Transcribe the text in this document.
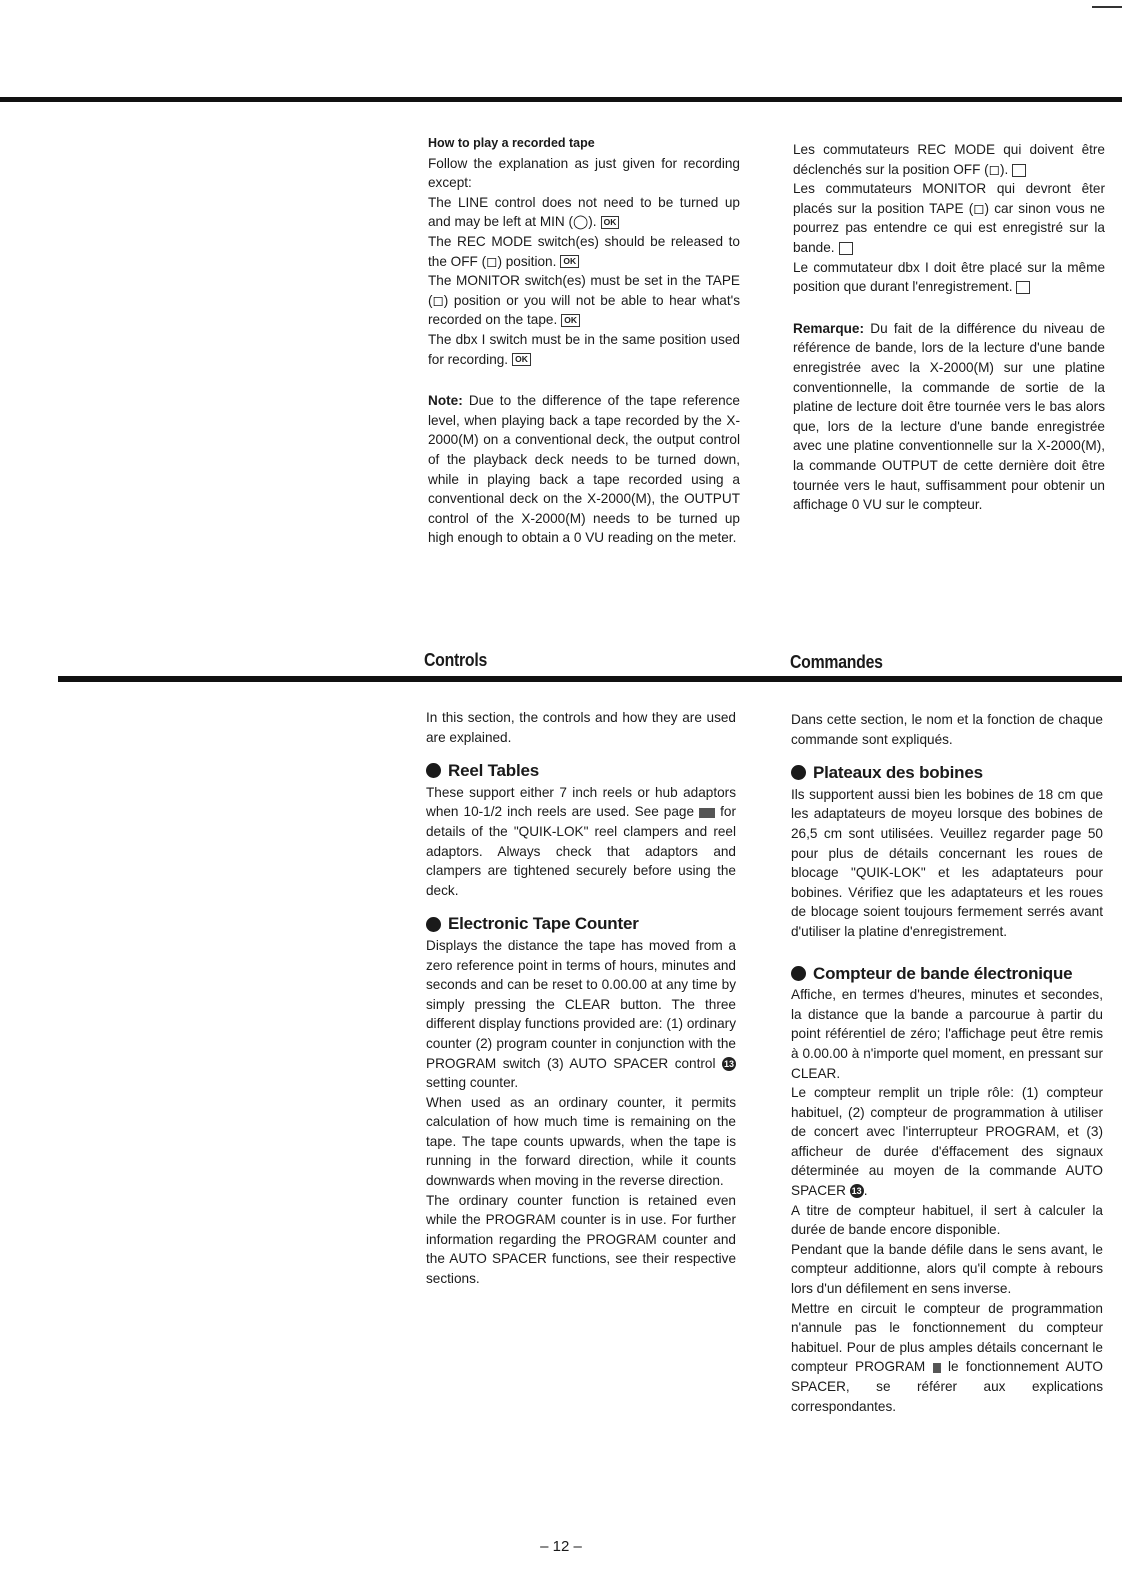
How to play a recorded tape

Follow the explanation as just given for recording except:

The LINE control does not need to be turned up and may be left at MIN (◯). OK

The REC MODE switch(es) should be released to the OFF (◻) position. OK

The MONITOR switch(es) must be set in the TAPE (◻) position or you will not be able to hear what's recorded on the tape. OK

The dbx I switch must be in the same position used for recording. OK

Note: Due to the difference of the tape reference level, when playing back a tape recorded by the X-2000(M) on a conventional deck, the output control of the playback deck needs to be turned down, while in playing back a tape recorded using a conventional deck on the X-2000(M), the OUTPUT control of the X-2000(M) needs to be turned up high enough to obtain a 0 VU reading on the meter.

Les commutateurs REC MODE qui doivent être déclenchés sur la position OFF (◻).

Les commutateurs MONITOR qui devront êter placés sur la position TAPE (◻) car sinon vous ne pourrez pas entendre ce qui est enregistré sur la bande.

Le commutateur dbx I doit être placé sur la même position que durant l'enregistrement.

Remarque: Du fait de la différence du niveau de référence de bande, lors de la lecture d'une bande enregistrée avec la X-2000(M) sur une platine conventionnelle, la commande de sortie de la platine de lecture doit être tournée vers le bas alors que, lors de la lecture d'une bande enregistrée avec une platine conventionnelle sur la X-2000(M), la commande OUTPUT de cette dernière doit être tournée vers le haut, suffisamment pour obtenir un affichage 0 VU sur le compteur.

Controls	Commandes

In this section, the controls and how they are used are explained.

Reel Tables

These support either 7 inch reels or hub adaptors when 10-1/2 inch reels are used. See page for details of the "QUIK-LOK" reel clampers and reel adaptors. Always check that adaptors and clampers are tightened securely before using the deck.

Electronic Tape Counter

Displays the distance the tape has moved from a zero reference point in terms of hours, minutes and seconds and can be reset to 0.00.00 at any time by simply pressing the CLEAR button. The three different display functions provided are: (1) ordinary counter (2) program counter in conjunction with the PROGRAM switch (3) AUTO SPACER control 13 setting counter.

When used as an ordinary counter, it permits calculation of how much time is remaining on the tape. The tape counts upwards, when the tape is running in the forward direction, while it counts downwards when moving in the reverse direction.

The ordinary counter function is retained even while the PROGRAM counter is in use. For further information regarding the PROGRAM counter and the AUTO SPACER functions, see their respective sections.

Dans cette section, le nom et la fonction de chaque commande sont expliqués.

Plateaux des bobines

Ils supportent aussi bien les bobines de 18 cm que les adaptateurs de moyeu lorsque des bobines de 26,5 cm sont utilisées. Veuillez regarder page 50 pour plus de détails concernant les roues de blocage "QUIK-LOK" et les adaptateurs pour bobines. Vérifiez que les adaptateurs et les roues de blocage soient toujours fermement serrés avant d'utiliser la platine d'enregistrement.

Compteur de bande électronique

Affiche, en termes d'heures, minutes et secondes, la distance que la bande a parcourue à partir du point référentiel de zéro; l'affichage peut être remis à 0.00.00 à n'importe quel moment, en pressant sur CLEAR.

Le compteur remplit un triple rôle: (1) compteur habituel, (2) compteur de programmation à utiliser de concert avec l'interrupteur PROGRAM, et (3) afficheur de durée d'éffacement des signaux déterminée au moyen de la commande AUTO SPACER 13 .

A titre de compteur habituel, il sert à calculer la durée de bande encore disponible.

Pendant que la bande défile dans le sens avant, le compteur additionne, alors qu'il compte à rebours lors d'un défilement en sens inverse.

Mettre en circuit le compteur de programmation n'annule pas le fonctionnement du compteur habituel. Pour de plus amples détails concernant le compteur PROGRAM le fonctionnement AUTO SPACER, se référer aux explications correspondantes.

– 12 –
